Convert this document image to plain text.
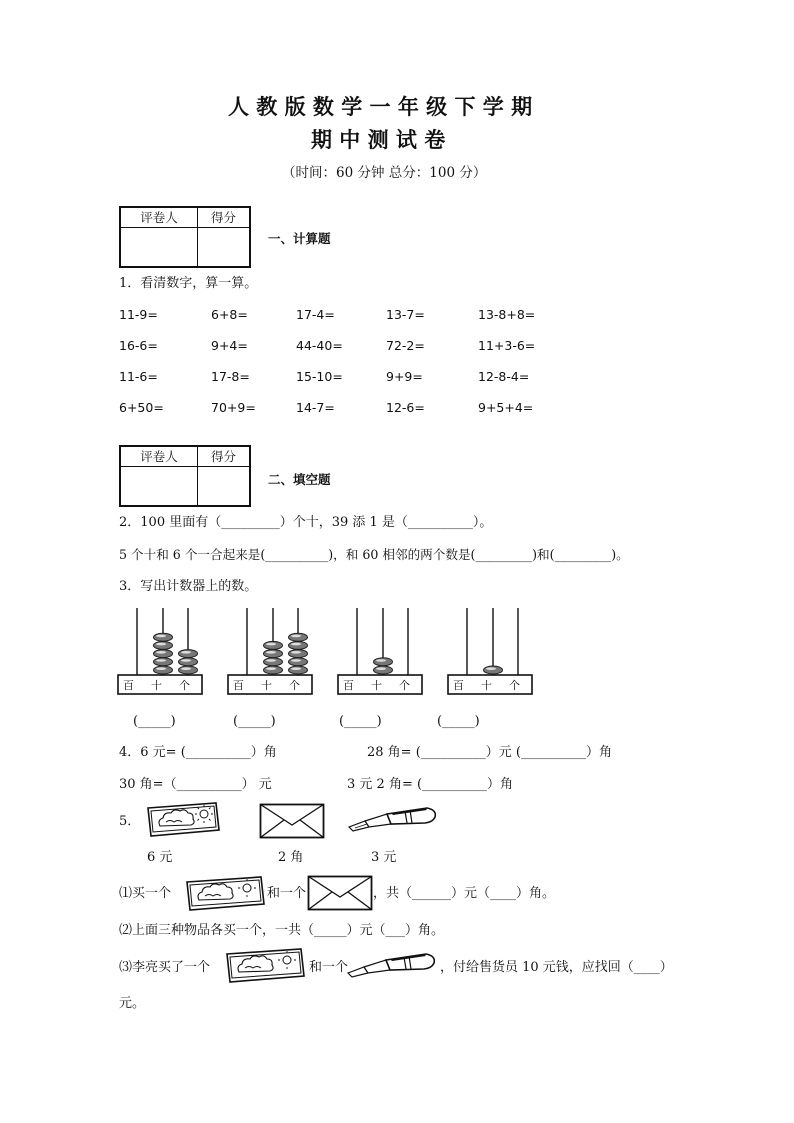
人 教 版 数 学 一 年 级 下 学 期
期 中 测 试 卷
（时间：60 分钟 总分：100 分）
评卷人	得分

一、计算题
1．看清数字，算一算。
11-9=	6+8=	17-4=	13-7=	13-8+8=
16-6=	9+4=	44-40=	72-2=	11+3-6=
11-6=	17-8=	15-10=	9+9=	12-8-4=
6+50=	70+9=	14-7=	12-6=	9+5+4=
评卷人	得分

二、填空题
2．100 里面有（_________）个十，39 添 1 是（__________）。
5 个十和 6 个一合起来是(__________)，和 60 相邻的两个数是(_________)和(_________)。
3．写出计数器上的数。
百 十 个	百 十 个	百 十 个	百 十 个
(_____)	(_____)	(_____)	(_____)
4．6 元= (__________）角	28 角= (__________）元 (__________）角
30 角=（__________） 元	3 元 2 角= (__________）角
5．
6 元	2 角	3 元
⑴买一个	和一个	，共（______）元（____）角。
⑵上面三种物品各买一个，一共（_____）元（___）角。
⑶李亮买了一个	和一个	，付给售货员 10 元钱，应找回（____）
元。
